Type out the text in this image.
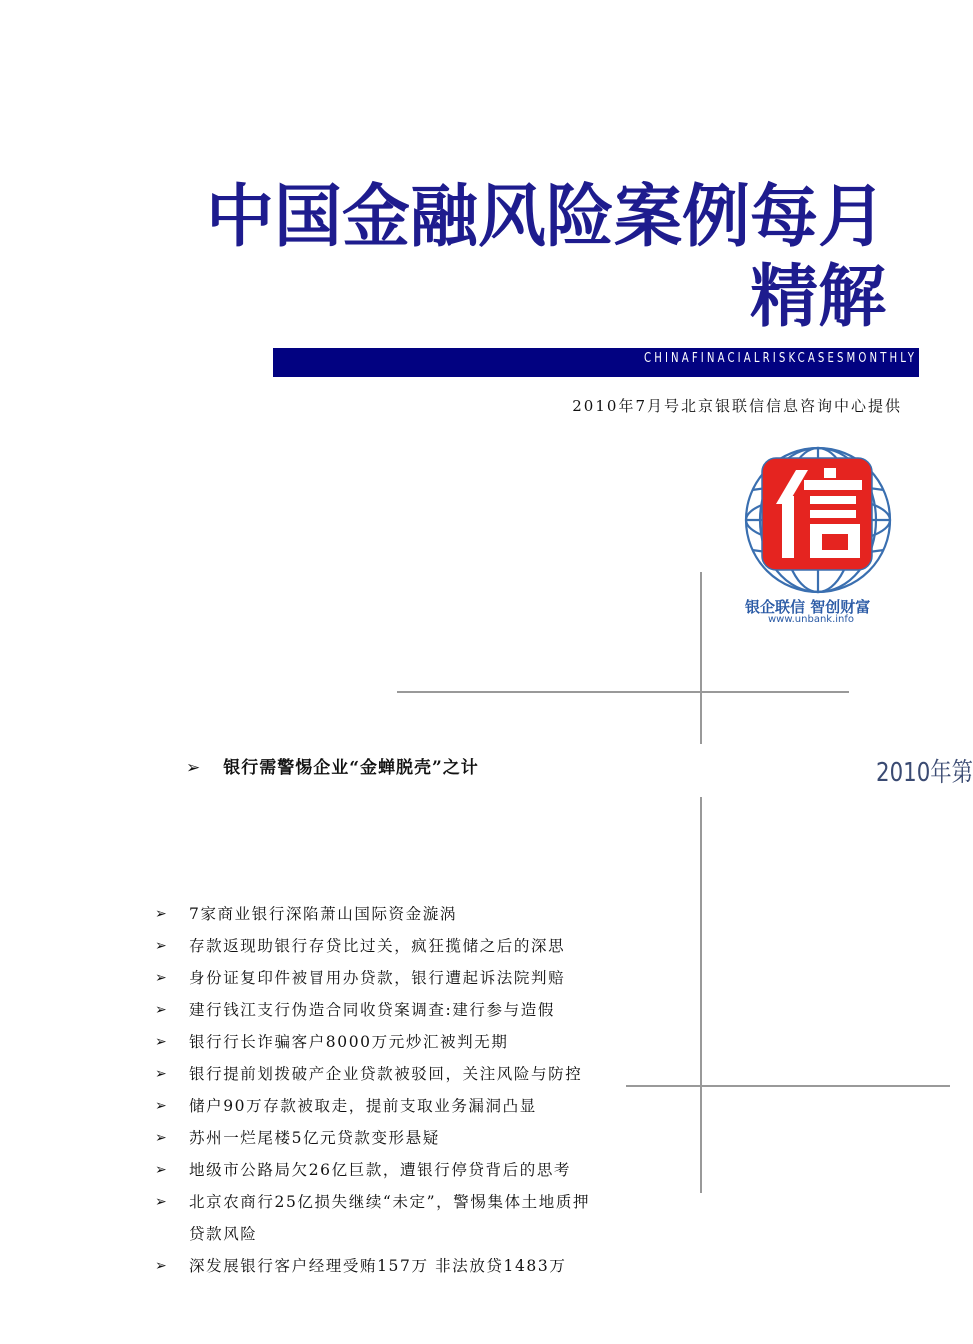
中国金融风险案例每月精解
CHINAFINACIALRISKCASESMONTHLY
2010年7月号北京银联信信息咨询中心提供
银企联信 智创财富
www.unbank.info
2010年第
➢ 银行需警惕企业“金蝉脱壳”之计
➢ 7家商业银行深陷萧山国际资金漩涡
➢ 存款返现助银行存贷比过关，疯狂揽储之后的深思
➢ 身份证复印件被冒用办贷款，银行遭起诉法院判赔
➢ 建行钱江支行伪造合同收贷案调查:建行参与造假
➢ 银行行长诈骗客户8000万元炒汇被判无期
➢ 银行提前划拨破产企业贷款被驳回，关注风险与防控
➢ 储户90万存款被取走，提前支取业务漏洞凸显
➢ 苏州一烂尾楼5亿元贷款变形悬疑
➢ 地级市公路局欠26亿巨款，遭银行停贷背后的思考
➢ 北京农商行25亿损失继续“未定”，警惕集体土地质押贷款风险
➢ 深发展银行客户经理受贿157万 非法放贷1483万
